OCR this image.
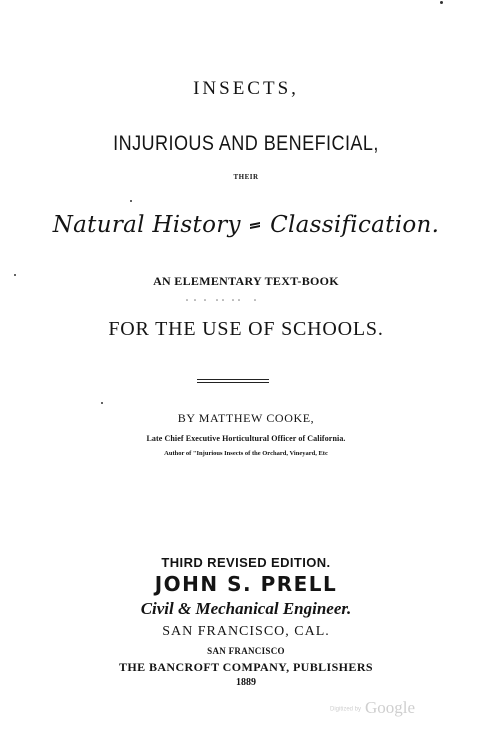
INSECTS,
INJURIOUS AND BENEFICIAL,
THEIR
Natural History Classification.
AN ELEMENTARY TEXT-BOOK
FOR THE USE OF SCHOOLS.
BY MATTHEW COOKE,
Late Chief Executive Horticultural Officer of California.
Author of "Injurious Insects of the Orchard, Vineyard, Etc
THIRD REVISED EDITION.
JOHN S. PRELL
Civil & Mechanical Engineer.
SAN FRANCISCO, CAL.
SAN FRANCISCO
THE BANCROFT COMPANY, PUBLISHERS
1889
Digitized by Google
